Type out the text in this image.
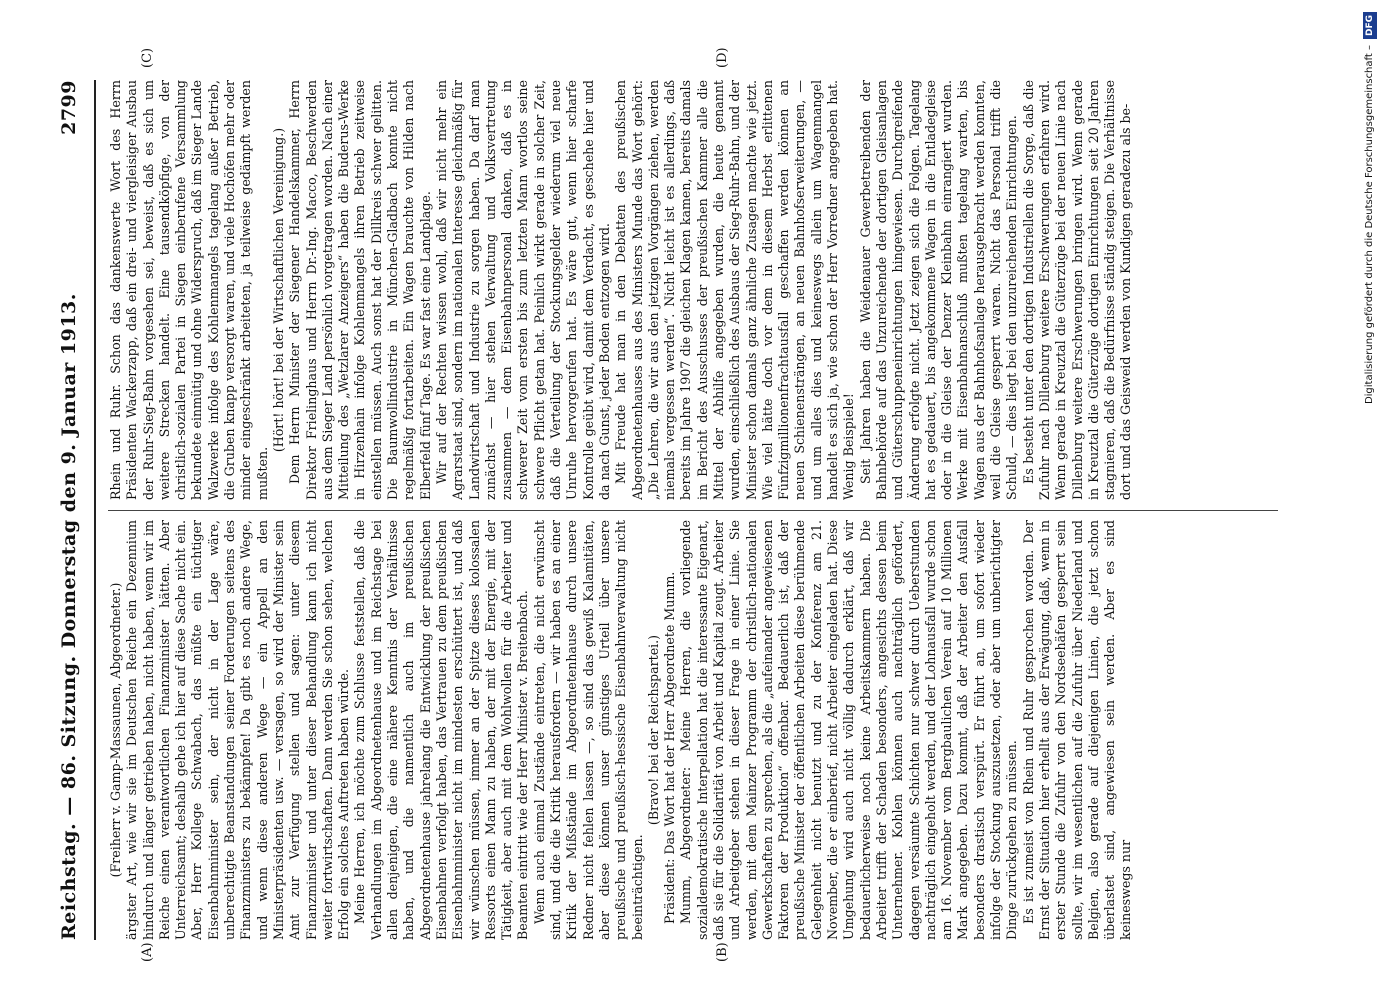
Reichstag. — 86. Sitzung. Donnerstag den 9. Januar 1913.
2799
(A)	(B)
(C)	(D)

(Freiherr v. Gamp-Massaunen, Abgeordneter.) ärgster Art, wie wir sie im Deutschen Reiche ein Dezennium hindurch und länger getrieben haben, nicht haben, wenn wir im Reiche einen verantwortlichen Finanzminister hätten. Aber Unterreichsamt; deshalb gehe ich hier auf diese Sache nicht ein. Aber, Herr Kollege Schwabach, das müßte ein tüchtiger Eisenbahnminister sein, der nicht in der Lage wäre, unberechtigte Beanstandungen seiner Forderungen seitens des Finanzministers zu bekämpfen! Da gibt es noch andere Wege, und wenn diese anderen Wege — ein Appell an den Ministerpräsidenten usw. — versagen, so wird der Minister sein Amt zur Verfügung stellen und sagen: unter diesem Finanzminister und unter dieser Behandlung kann ich nicht weiter fortwirtschaften. Dann werden Sie schon sehen, welchen Erfolg ein solches Auftreten haben würde. Meine Herren, ich möchte zum Schlusse feststellen, daß die Verhandlungen im Abgeordnetenhause und im Reichstage bei allen denjenigen, die eine nähere Kenntnis der Verhältnisse haben, und die namentlich auch im preußischen Abgeordnetenhause jahrelang die Entwicklung der preußischen Eisenbahnen verfolgt haben, das Vertrauen zu dem preußischen Eisenbahnminister nicht im mindesten erschüttert ist, und daß wir wünschen müssen, immer an der Spitze dieses kolossalen Ressorts einen Mann zu haben, der mit der Energie, mit der Tätigkeit, aber auch mit dem Wohlwollen für die Arbeiter und Beamten eintritt wie der Herr Minister v. Breitenbach. Wenn auch einmal Zustände eintreten, die nicht erwünscht sind, und die die Kritik herausfordern — wir haben es an einer Kritik der Mißstände im Abgeordnetenhause durch unsere Redner nicht fehlen lassen —, so sind das gewiß Kalamitäten, aber diese können unser günstiges Urteil über unsere preußische und preußisch-hessische Eisenbahnverwaltung nicht beeinträchtigen.

(Bravo! bei der Reichspartei.) Präsident: Das Wort hat der Herr Abgeordnete Mumm. Mumm, Abgeordneter: Meine Herren, die vorliegende sozialdemokratische Interpellation hat die interessante Eigenart, daß sie für die Solidarität von Arbeit und Kapital zeugt. Arbeiter und Arbeitgeber stehen in dieser Frage in einer Linie. Sie werden, mit dem Mainzer Programm der christlich-nationalen Gewerkschaften zu sprechen, als die „aufeinander angewiesenen Faktoren der Produktion“ offenbar. Bedauerlich ist, daß der preußische Minister der öffentlichen Arbeiten diese berühmende Gelegenheit nicht benutzt und zu der Konferenz am 21. November, die er einberief, nicht Arbeiter eingeladen hat. Diese Umgehung wird auch nicht völlig dadurch erklärt, daß wir bedauerlicherweise noch keine Arbeitskammern haben. Die Arbeiter trifft der Schaden besonders, angesichts dessen beim Unternehmer. Kohlen können auch nachträglich gefördert, dagegen versäumte Schichten nur schwer durch Ueberstunden nachträglich eingeholt werden, und der Lohnausfall wurde schon am 16. November vom Bergbaulichen Verein auf 10 Millionen Mark angegeben. Dazu kommt, daß der Arbeiter den Ausfall besonders drastisch verspürt. Er führt an, um sofort wieder infolge der Stockung auszusetzen, oder aber um unberichtigter Dinge zurückgehen zu müssen. Es ist zumeist von Rhein und Ruhr gesprochen worden. Der Ernst der Situation hier erhellt aus der Erwägung, daß, wenn in erster Stunde die Zufuhr von den Nordseehäfen gesperrt sein sollte, wir im wesentlichen auf die Zufuhr über Niederland und Belgien, also gerade auf diejenigen Linien, die jetzt schon überlastet sind, angewiesen sein werden. Aber es sind keineswegs nur

Rhein und Ruhr. Schon das dankenswerte Wort des Herrn Präsidenten Wackerzapp, daß ein drei- und viergleisiger Ausbau der Ruhr-Sieg-Bahn vorgesehen sei, beweist, daß es sich um weitere Strecken handelt. Eine tausendköpfige, von der christlich-sozialen Partei in Siegen einberufene Versammlung bekundete einmütig und ohne Widerspruch, daß im Sieger Lande Walzwerke infolge des Kohlenmangels tagelang außer Betrieb, die Gruben knapp versorgt waren, und viele Hochöfen mehr oder minder eingeschränkt arbeiteten, ja teilweise gedämpft werden mußten.

(Hört! hört! bei der Wirtschaftlichen Vereinigung.) Dem Herrn Minister der Siegener Handelskammer, Herrn Direktor Frielinghaus und Herrn Dr.-Ing. Macco, Beschwerden aus dem Sieger Land persönlich vorgetragen worden. Nach einer Mitteilung des „Wetzlarer Anzeigers“ haben die Buderus-Werke in Hirzenhain infolge Kohlenmangels ihren Betrieb zeitweise einstellen müssen. Auch sonst hat der Dillkreis schwer gelitten. Die Baumwollindustrie in München-Gladbach konnte nicht regelmäßig fortarbeiten. Ein Wagen brauchte von Hilden nach Elberfeld fünf Tage. Es war fast eine Landplage. Wir auf der Rechten wissen wohl, daß wir nicht mehr ein Agrarstaat sind, sondern im nationalen Interesse gleichmäßig für Landwirtschaft und Industrie zu sorgen haben. Da darf man zunächst — hier stehen Verwaltung und Volksvertretung zusammen — dem Eisenbahnpersonal danken, daß es in schwerer Zeit vom ersten bis zum letzten Mann wortlos seine schwere Pflicht getan hat. Peinlich wirkt gerade in solcher Zeit, daß die Verteilung der Stockungsgelder wiederum viel neue Unruhe hervorgerufen hat. Es wäre gut, wenn hier scharfe Kontrolle geübt wird, damit dem Verdacht, es geschehe hier und da nach Gunst, jeder Boden entzogen wird. Mit Freude hat man in den Debatten des preußischen Abgeordnetenhauses aus des Ministers Munde das Wort gehört: „Die Lehren, die wir aus den jetzigen Vorgängen ziehen, werden niemals vergessen werden“. Nicht leicht ist es allerdings, daß bereits im Jahre 1907 die gleichen Klagen kamen, bereits damals im Bericht des Ausschusses der preußischen Kammer alle die Mittel der Abhilfe angegeben wurden, die heute genannt wurden, einschließlich des Ausbaus der Sieg-Ruhr-Bahn, und der Minister schon damals ganz ähnliche Zusagen machte wie jetzt. Wie viel hätte doch vor dem in diesem Herbst erlittenen Fünfzigmillionenfrachtausfall geschaffen werden können an neuen Schienensträngen, an neuen Bahnhofserweiterungen, — und um alles dies und keineswegs allein um Wagenmangel handelt es sich ja, wie schon der Herr Vorredner angegeben hat. Wenig Beispiele! Seit Jahren haben die Weidenauer Gewerbetreibenden der Bahnbehörde auf das Unzureichende der dortigen Gleisanlagen und Güterschuppeneinrichtungen hingewiesen. Durchgreifende Änderung erfolgte nicht. Jetzt zeigen sich die Folgen. Tagelang hat es gedauert, bis angekommene Wagen in die Entladegleise oder in die Gleise der Denzer Kleinbahn einrangiert wurden. Werke mit Eisenbahnanschluß mußten tagelang warten, bis Wagen aus der Bahnhofsanlage herausgebracht werden konnten, weil die Gleise gesperrt waren. Nicht das Personal trifft die Schuld, — dies liegt bei den unzureichenden Einrichtungen. Es besteht unter den dortigen Industriellen die Sorge, daß die Zufuhr nach Dillenburg weitere Erschwerungen erfahren wird. Wenn gerade in Kreuztal die Güterzüge bei der neuen Linie nach Dillenburg weitere Erschwerungen bringen wird. Wenn gerade in Kreuztal die Güterzüge dortigen Einrichtungen seit 20 Jahren stagnieren, daß die Bedürfnisse ständig steigen. Die Verhältnisse dort und das Geisweid werden von Kundigen geradezu als be-	Digitalisierung gefördert durch die Deutsche Forschungsgemeinschaft –DFG
